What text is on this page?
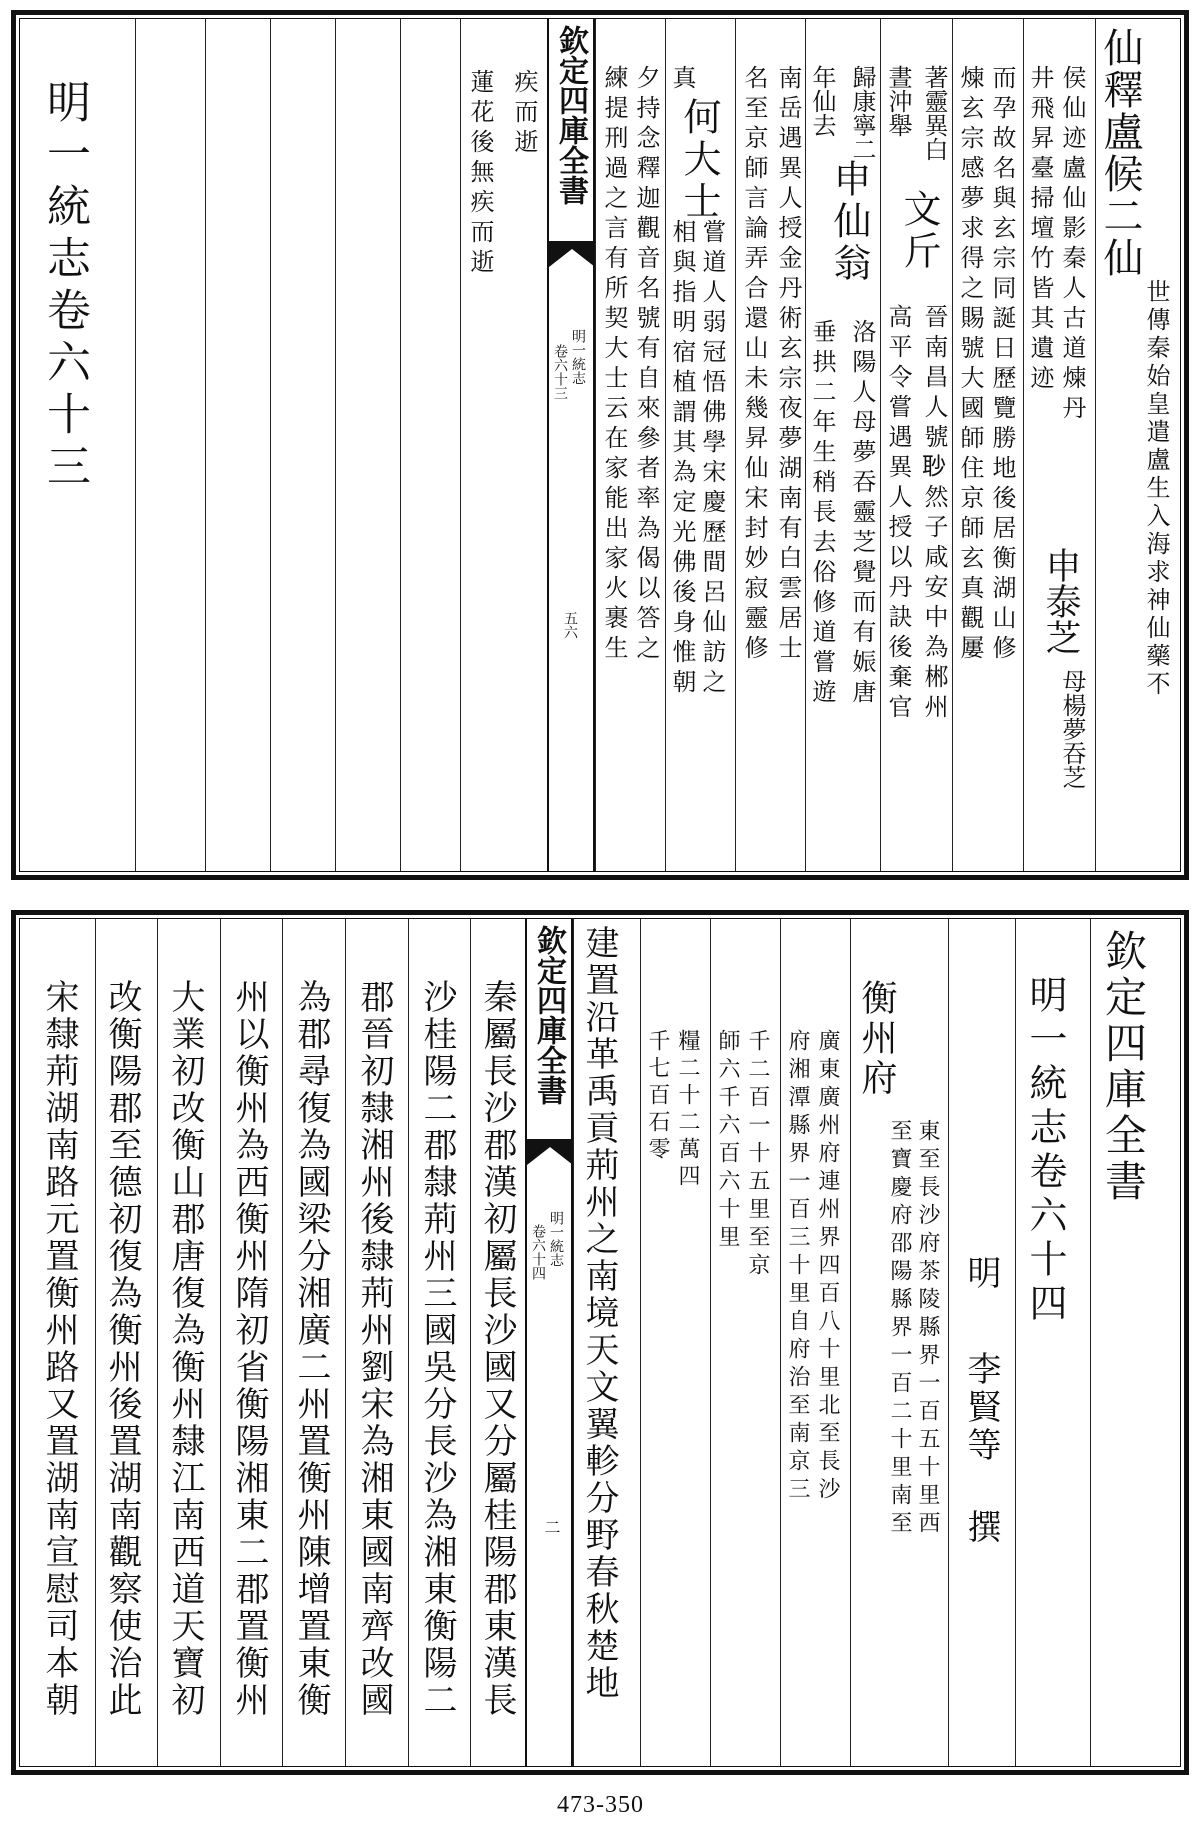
明一統志卷六十三	蓮花後無疾而逝 疾而逝 欽定四庫全書
明一統志
卷六十三
五六 練提刑過之言有所契大士云在家能出家火裹生 夕持念釋迦觀音名號有自來參者率為偈以答之 真
何大士
相與指明宿植謂其為定光佛後身惟朝 嘗道人弱冠悟佛學宋慶歷間呂仙訪之 名至京師言論弄合還山未幾昇仙宋封妙寂靈修 南岳遇異人授金丹術玄宗夜夢湖南有白雲居士 年仙去
申仙翁
歸康寧二
垂拱二年生稍長去俗修道嘗遊 洛陽人母夢吞靈芝覺而有娠唐
晝沖舉
文斤
著靈異白
高平令嘗遇異人授以丹訣後棄官 晉南昌人號𦕈然子咸安中為郴州 煉玄宗感夢求得之賜號大國師住京師玄真觀屢 而孕故名與玄宗同誕日歷覽勝地後居衡湖山修 井飛昇臺掃壇竹皆其遺迹
申泰芝
母楊夢吞芝
侯仙迹盧仙影秦人古道煉丹 仙釋盧候二仙
世傳秦始皇遣盧生入海求神仙藥不
宋隸荊湖南路元置衡州路又置湖南宣慰司本朝 改衡陽郡至德初復為衡州後置湖南觀察使治此 大業初改衡山郡唐復為衡州隸江南西道天寶初 州以衡州為西衡州隋初省衡陽湘東二郡置衡州 為郡尋復為國梁分湘廣二州置衡州陳增置東衡 郡晉初隸湘州後隸荊州劉宋為湘東國南齊改國 沙桂陽二郡隸荊州三國吳分長沙為湘東衡陽二 秦屬長沙郡漢初屬長沙國又分屬桂陽郡東漢長 欽定四庫全書
明一統志
卷六十四
二 建置沿革禹貢荊州之南境天文翼軫分野春秋楚地 千七百石零 糧二十二萬四 師六千六百六十里 千二百一十五里至京 府湘潭縣界一百三十里自府治至南京三 廣東廣州府連州界四百八十里北至長沙 衡州府
至寶慶府邵陽縣界一百二十里南至 東至長沙府茶陵縣界一百五十里西 明
李賢等
撰
明一統志卷六十四 欽定四庫全書
473-350
